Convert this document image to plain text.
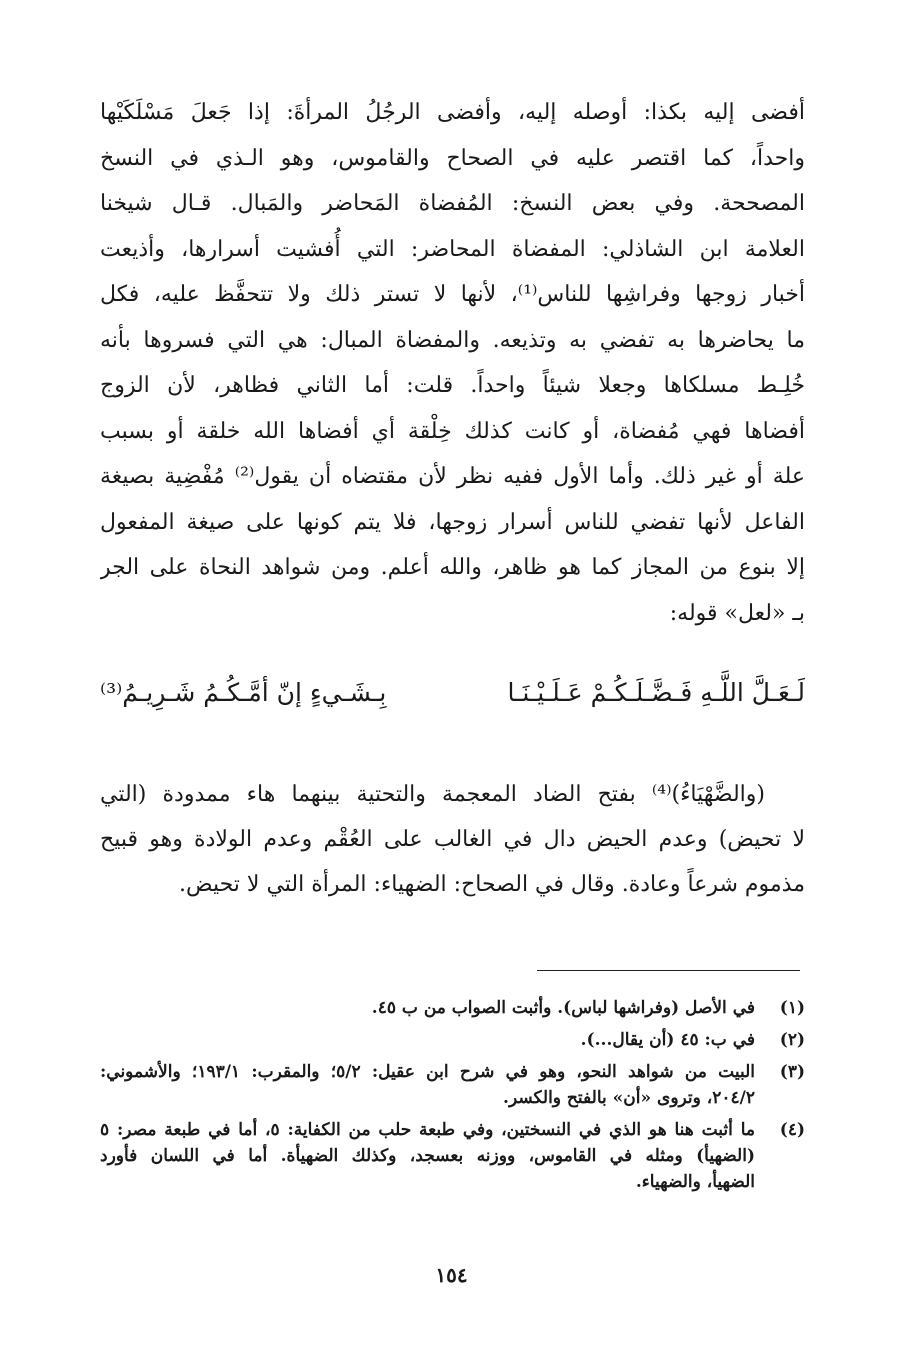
أفضى إليه بكذا: أوصله إليه، وأفضى الرجُلُ المرأةَ: إذا جَعلَ مَسْلَكَيْها
واحداً، كما اقتصر عليه في الصحاح والقاموس، وهو الـذي في النسخ
المصححة. وفي بعض النسخ: المُفضاة المَحاضر والمَبال. قـال شيخنا
العلامة ابن الشاذلي: المفضاة المحاضر: التي أُفشيت أسرارها، وأذيعت
أخبار زوجها وفراشِها للناس⁽¹⁾، لأنها لا تستر ذلك ولا تتحفَّظ عليه، فكل
ما يحاضرها به تفضي به وتذيعه. والمفضاة المبال: هي التي فسروها بأنه
خُلِـط مسلكاها وجعلا شيئاً واحداً. قلت: أما الثاني فظاهر، لأن الزوج
أفضاها فهي مُفضاة، أو كانت كذلك خِلْقة أي أفضاها الله خلقة أو بسبب
علة أو غير ذلك. وأما الأول ففيه نظر لأن مقتضاه أن يقول⁽²⁾ مُفْضِية بصيغة
الفاعل لأنها تفضي للناس أسرار زوجها، فلا يتم كونها على صيغة المفعول
إلا بنوع من المجاز كما هو ظاهر، والله أعلم. ومن شواهد النحاة على الجر
بـ «لعل» قوله:
لَـعَـلَّ اللَّـهِ فَـضَّـلَـكُـمْ عَـلَـيْـنَـا
بِـشَـيءٍ إنّ أمَّـكُـمُ شَـرِيـمُ⁽³⁾
(والضَّهْيَاءُ)⁽⁴⁾ بفتح الضاد المعجمة والتحتية بينهما هاء ممدودة (التي
لا تحيض) وعدم الحيض دال في الغالب على العُقْم وعدم الولادة وهو قبيح
مذموم شرعاً وعادة. وقال في الصحاح: الضهياء: المرأة التي لا تحيض.
(١)
في الأصل (وفراشها لباس). وأثبت الصواب من ب ٤٥.
(٢)
في ب: ٤٥ (أن يقال...).
(٣)
البيت من شواهد النحو، وهو في شرح ابن عقيل: ٥/٢؛ والمقرب: ١٩٣/١؛ والأشموني:
٢٠٤/٢، وتروى «أن» بالفتح والكسر.
(٤)
ما أثبت هنا هو الذي في النسختين، وفي طبعة حلب من الكفاية: ٥، أما في طبعة مصر: ٥
(الضهيأ) ومثله في القاموس، ووزنه بعسجد، وكذلك الضهيأة. أما في اللسان فأورد
الضهيأ، والضهياء.
١٥٤
